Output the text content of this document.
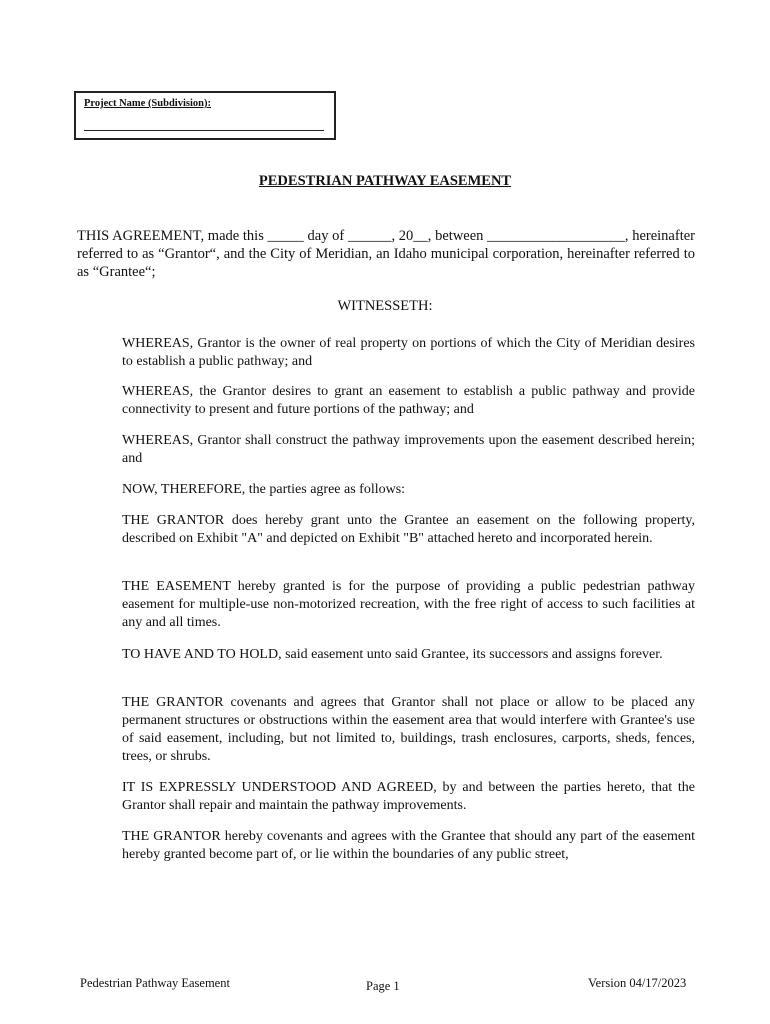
Project Name (Subdivision):
PEDESTRIAN PATHWAY EASEMENT
THIS AGREEMENT, made this _____ day of ______, 20__, between ___________________, hereinafter referred to as “Grantor“, and the City of Meridian, an Idaho municipal corporation, hereinafter referred to as “Grantee“;
WITNESSETH:
WHEREAS, Grantor is the owner of real property on portions of which the City of Meridian desires to establish a public pathway; and
WHEREAS, the Grantor desires to grant an easement to establish a public pathway and provide connectivity to present and future portions of the pathway; and
WHEREAS, Grantor shall construct the pathway improvements upon the easement described herein; and
NOW, THEREFORE, the parties agree as follows:
THE GRANTOR does hereby grant unto the Grantee an easement on the following property, described on Exhibit "A" and depicted on Exhibit "B" attached hereto and incorporated herein.
THE EASEMENT hereby granted is for the purpose of providing a public pedestrian pathway easement for multiple-use non-motorized recreation, with the free right of access to such facilities at any and all times.
TO HAVE AND TO HOLD, said easement unto said Grantee, its successors and assigns forever.
THE GRANTOR covenants and agrees that Grantor shall not place or allow to be placed any permanent structures or obstructions within the easement area that would interfere with Grantee's use of said easement, including, but not limited to, buildings, trash enclosures, carports, sheds, fences, trees, or shrubs.
IT IS EXPRESSLY UNDERSTOOD AND AGREED, by and between the parties hereto, that the Grantor shall repair and maintain the pathway improvements.
THE GRANTOR hereby covenants and agrees with the Grantee that should any part of the easement hereby granted become part of, or lie within the boundaries of any public street,
Pedestrian Pathway Easement	Page 1	Version 04/17/2023
